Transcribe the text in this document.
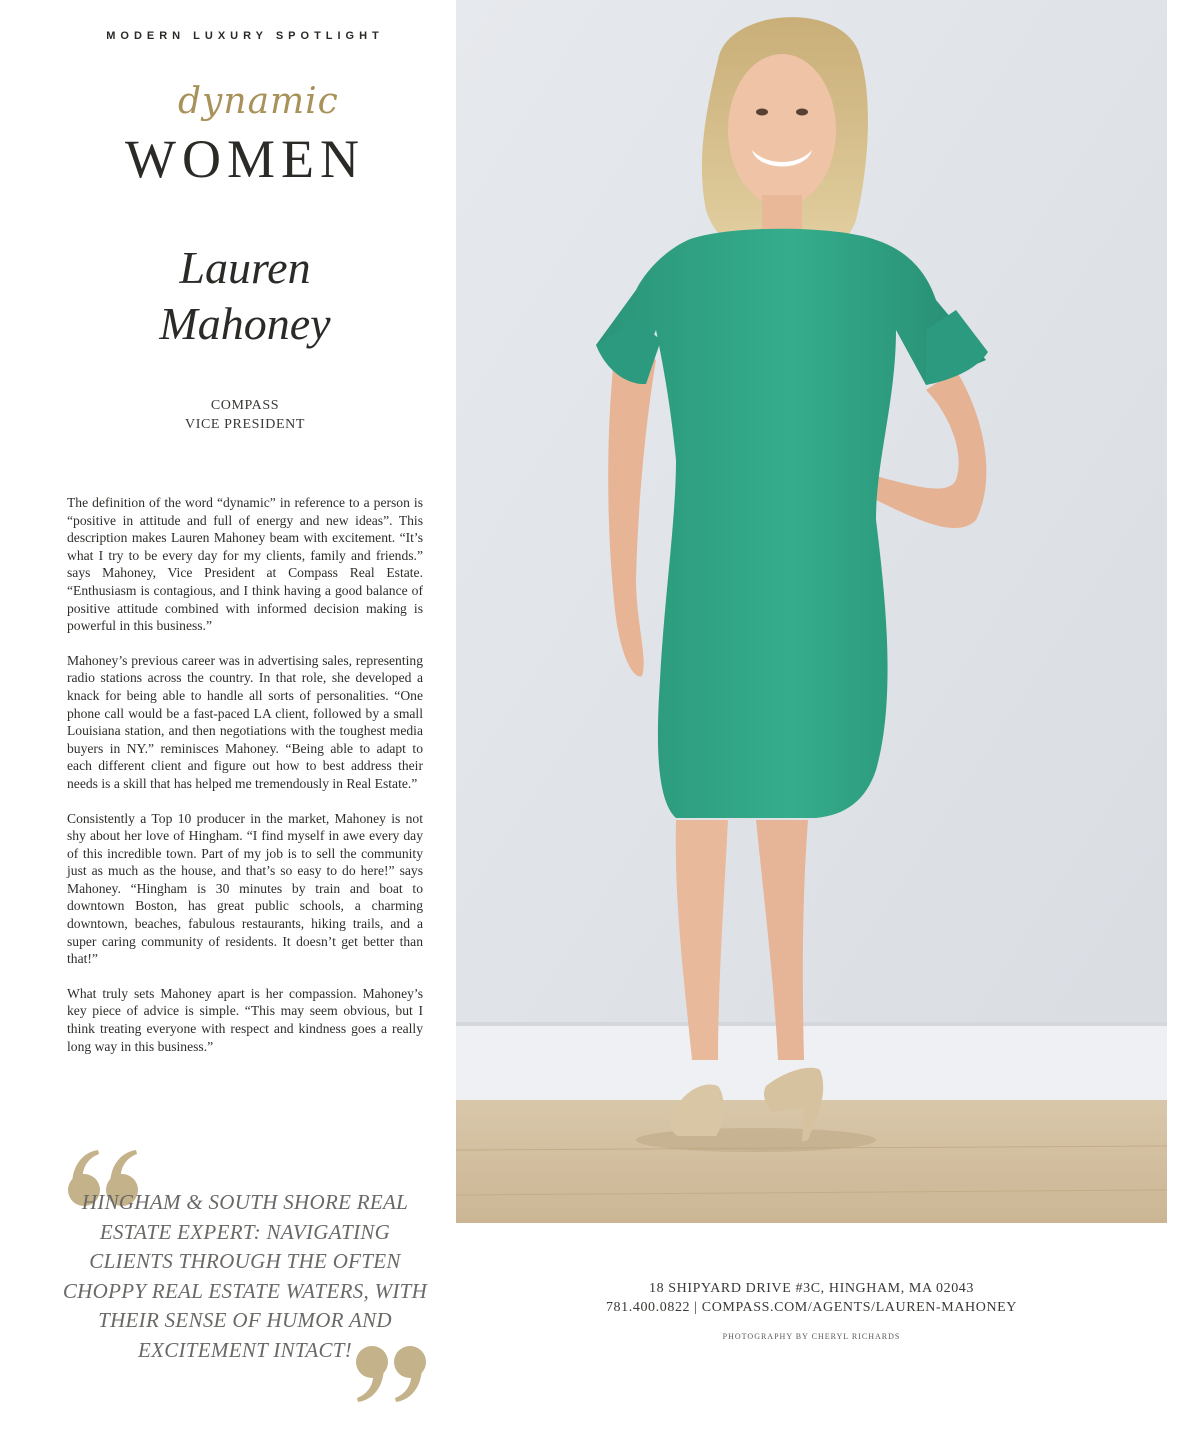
MODERN LUXURY SPOTLIGHT
WOMEN
dynamic
Lauren
Mahoney
COMPASS
VICE PRESIDENT

The definition of the word “dynamic” in reference to a person is “positive in attitude and full of energy and new ideas”. This description makes Lauren Mahoney beam with excitement. “It’s what I try to be every day for my clients, family and friends.” says Mahoney, Vice President at Compass Real Estate. “Enthusiasm is contagious, and I think having a good balance of positive attitude combined with informed decision making is powerful in this business.”

Mahoney’s previous career was in advertising sales, representing radio stations across the country. In that role, she developed a knack for being able to handle all sorts of personalities. “One phone call would be a fast-paced LA client, followed by a small Louisiana station, and then negotiations with the toughest media buyers in NY.” reminisces Mahoney. “Being able to adapt to each different client and figure out how to best address their needs is a skill that has helped me tremendously in Real Estate.”

Consistently a Top 10 producer in the market, Mahoney is not shy about her love of Hingham. “I find myself in awe every day of this incredible town. Part of my job is to sell the community just as much as the house, and that’s so easy to do here!” says Mahoney. “Hingham is 30 minutes by train and boat to downtown Boston, has great public schools, a charming downtown, beaches, fabulous restaurants, hiking trails, and a super caring community of residents. It doesn’t get better than that!”

What truly sets Mahoney apart is her compassion. Mahoney’s key piece of advice is simple. “This may seem obvious, but I think treating everyone with respect and kindness goes a really long way in this business.”

HINGHAM & SOUTH SHORE REAL ESTATE EXPERT: NAVIGATING CLIENTS THROUGH THE OFTEN CHOPPY REAL ESTATE WATERS, WITH THEIR SENSE OF HUMOR AND EXCITEMENT INTACT!
18 SHIPYARD DRIVE #3C, HINGHAM, MA 02043
781.400.0822 | COMPASS.COM/AGENTS/LAUREN-MAHONEY
PHOTOGRAPHY BY CHERYL RICHARDS
